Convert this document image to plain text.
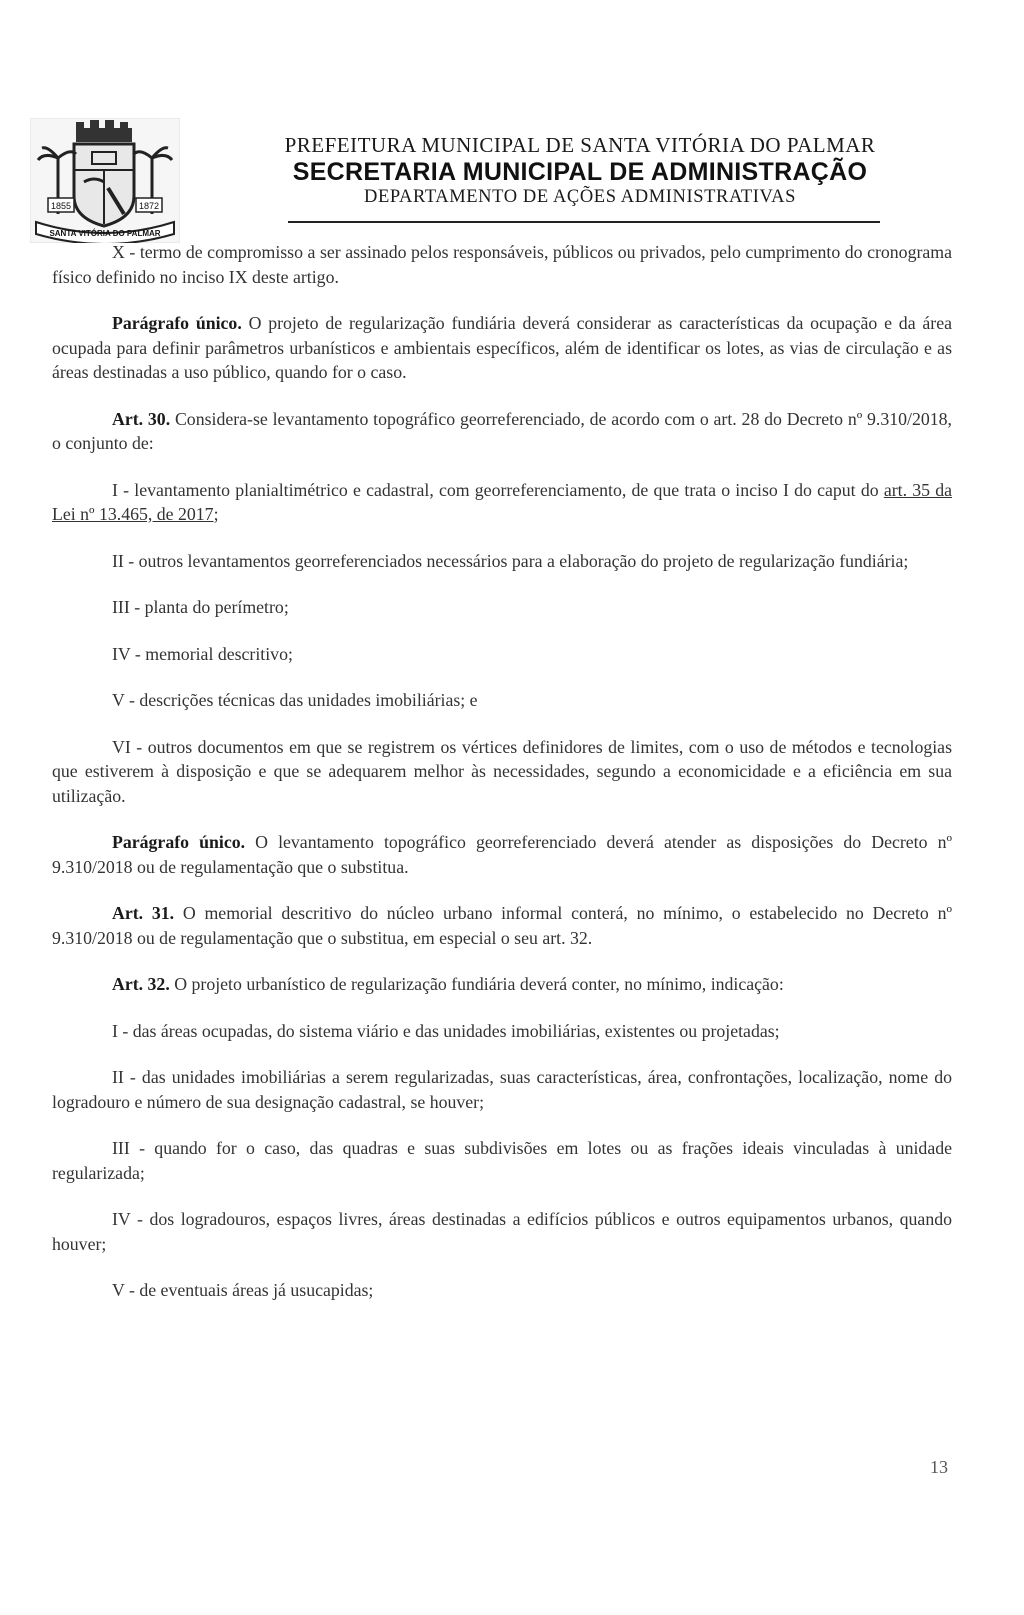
1855	1872
SANTA VITÓRIA DO PALMAR
PREFEITURA MUNICIPAL DE SANTA VITÓRIA DO PALMAR
SECRETARIA MUNICIPAL DE ADMINISTRAÇÃO
DEPARTAMENTO DE AÇÕES ADMINISTRATIVAS

X - termo de compromisso a ser assinado pelos responsáveis, públicos ou privados, pelo cumprimento do cronograma físico definido no inciso IX deste artigo.

Parágrafo único. O projeto de regularização fundiária deverá considerar as características da ocupação e da área ocupada para definir parâmetros urbanísticos e ambientais específicos, além de identificar os lotes, as vias de circulação e as áreas destinadas a uso público, quando for o caso.

Art. 30. Considera-se levantamento topográfico georreferenciado, de acordo com o art. 28 do Decreto nº 9.310/2018, o conjunto de:

I - levantamento planialtimétrico e cadastral, com georreferenciamento, de que trata o inciso I do caput do art. 35 da Lei nº 13.465, de 2017;

II - outros levantamentos georreferenciados necessários para a elaboração do projeto de regularização fundiária;

III - planta do perímetro;

IV - memorial descritivo;

V - descrições técnicas das unidades imobiliárias; e

VI - outros documentos em que se registrem os vértices definidores de limites, com o uso de métodos e tecnologias que estiverem à disposição e que se adequarem melhor às necessidades, segundo a economicidade e a eficiência em sua utilização.

Parágrafo único. O levantamento topográfico georreferenciado deverá atender as disposições do Decreto nº 9.310/2018 ou de regulamentação que o substitua.

Art. 31. O memorial descritivo do núcleo urbano informal conterá, no mínimo, o estabelecido no Decreto nº 9.310/2018 ou de regulamentação que o substitua, em especial o seu art. 32.

Art. 32. O projeto urbanístico de regularização fundiária deverá conter, no mínimo, indicação:

I - das áreas ocupadas, do sistema viário e das unidades imobiliárias, existentes ou projetadas;

II - das unidades imobiliárias a serem regularizadas, suas características, área, confrontações, localização, nome do logradouro e número de sua designação cadastral, se houver;

III - quando for o caso, das quadras e suas subdivisões em lotes ou as frações ideais vinculadas à unidade regularizada;

IV - dos logradouros, espaços livres, áreas destinadas a edifícios públicos e outros equipamentos urbanos, quando houver;

V - de eventuais áreas já usucapidas;

13
